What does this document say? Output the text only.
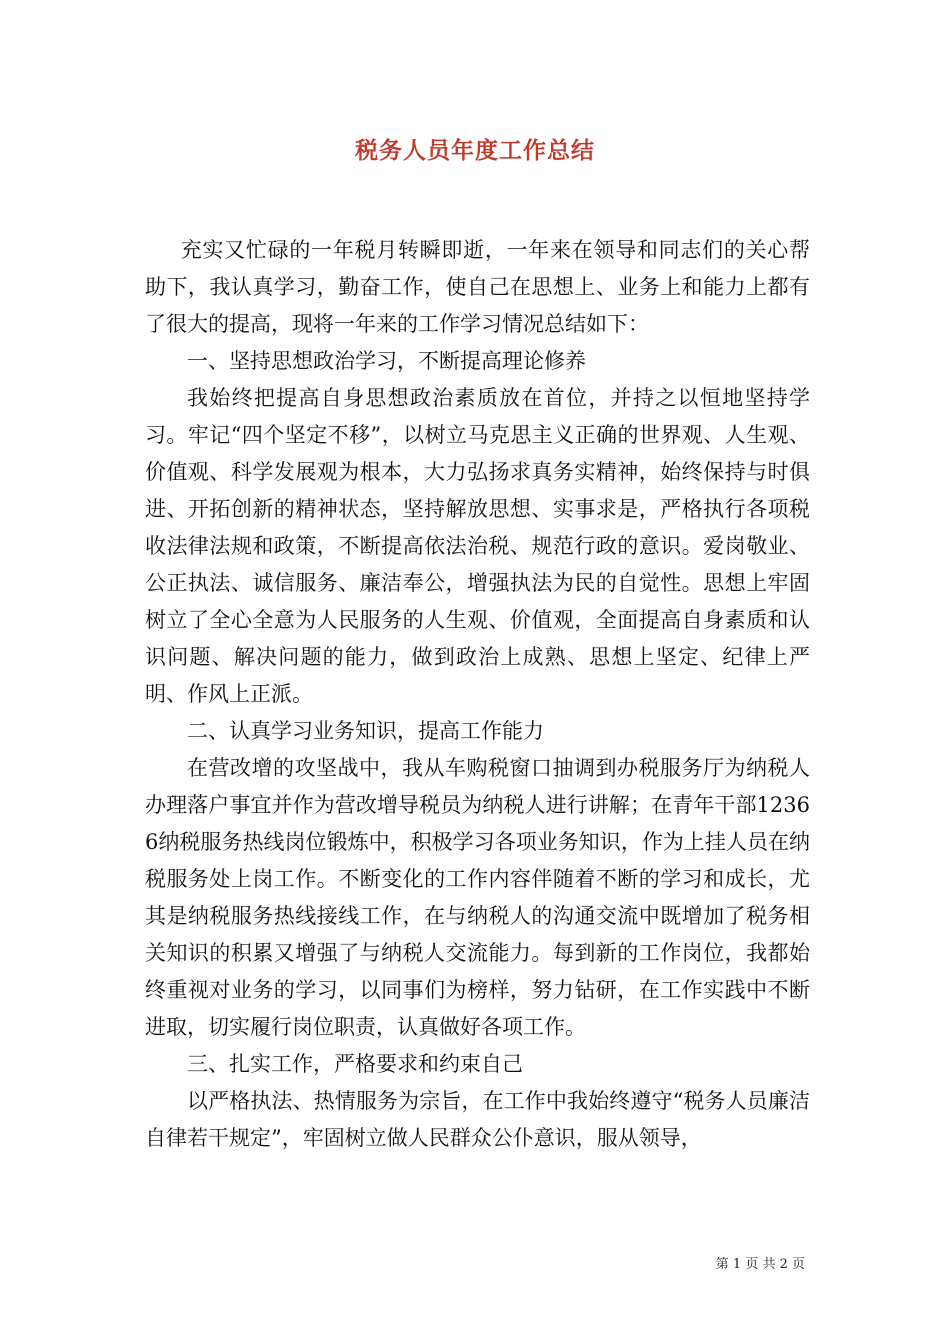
税务人员年度工作总结

充实又忙碌的一年税月转瞬即逝，一年来在领导和同志们的关心帮助下，我认真学习，勤奋工作，使自己在思想上、业务上和能力上都有了很大的提高，现将一年来的工作学习情况总结如下：

一、坚持思想政治学习，不断提高理论修养

我始终把提高自身思想政治素质放在首位，并持之以恒地坚持学习。牢记“四个坚定不移”，以树立马克思主义正确的世界观、人生观、价值观、科学发展观为根本，大力弘扬求真务实精神，始终保持与时俱进、开拓创新的精神状态，坚持解放思想、实事求是，严格执行各项税收法律法规和政策，不断提高依法治税、规范行政的意识。爱岗敬业、公正执法、诚信服务、廉洁奉公，增强执法为民的自觉性。思想上牢固树立了全心全意为人民服务的人生观、价值观，全面提高自身素质和认识问题、解决问题的能力，做到政治上成熟、思想上坚定、纪律上严明、作风上正派。

二、认真学习业务知识，提高工作能力

在营改增的攻坚战中，我从车购税窗口抽调到办税服务厅为纳税人办理落户事宜并作为营改增导税员为纳税人进行讲解；在青年干部12366纳税服务热线岗位锻炼中，积极学习各项业务知识，作为上挂人员在纳税服务处上岗工作。不断变化的工作内容伴随着不断的学习和成长，尤其是纳税服务热线接线工作，在与纳税人的沟通交流中既增加了税务相关知识的积累又增强了与纳税人交流能力。每到新的工作岗位，我都始终重视对业务的学习，以同事们为榜样，努力钻研，在工作实践中不断进取，切实履行岗位职责，认真做好各项工作。

三、扎实工作，严格要求和约束自己

以严格执法、热情服务为宗旨，在工作中我始终遵守“税务人员廉洁自律若干规定”，牢固树立做人民群众公仆意识，服从领导，

第 1 页 共 2 页
